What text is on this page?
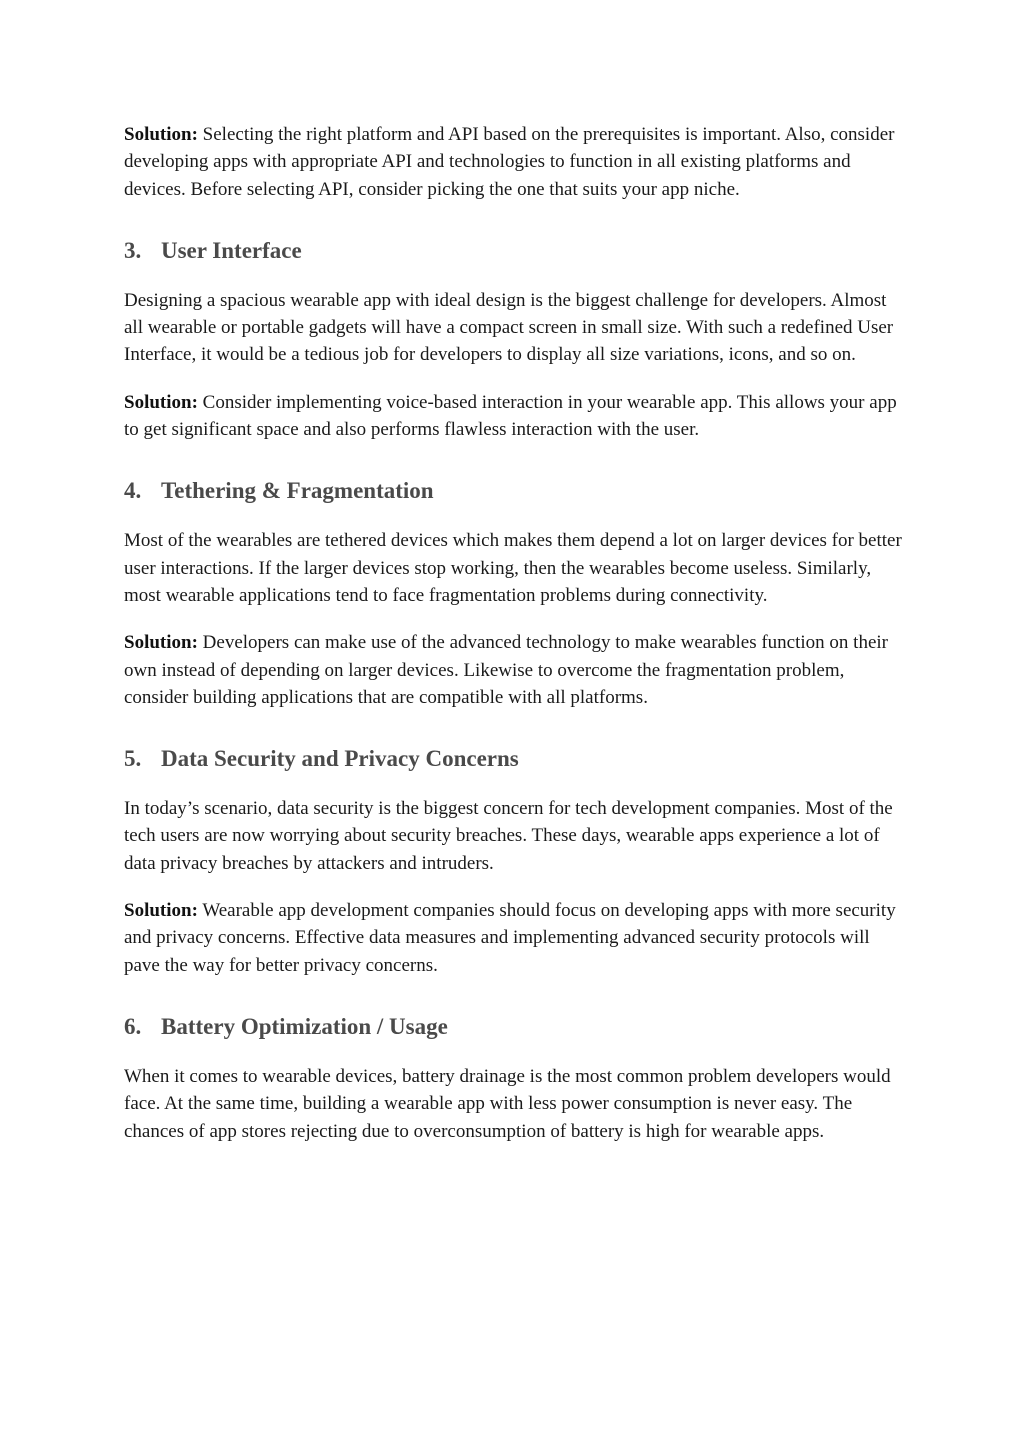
Solution: Selecting the right platform and API based on the prerequisites is important. Also, consider developing apps with appropriate API and technologies to function in all existing platforms and devices. Before selecting API, consider picking the one that suits your app niche.

3. User Interface

Designing a spacious wearable app with ideal design is the biggest challenge for developers. Almost all wearable or portable gadgets will have a compact screen in small size. With such a redefined User Interface, it would be a tedious job for developers to display all size variations, icons, and so on.

Solution: Consider implementing voice-based interaction in your wearable app. This allows your app to get significant space and also performs flawless interaction with the user.

4. Tethering & Fragmentation

Most of the wearables are tethered devices which makes them depend a lot on larger devices for better user interactions. If the larger devices stop working, then the wearables become useless. Similarly, most wearable applications tend to face fragmentation problems during connectivity.

Solution: Developers can make use of the advanced technology to make wearables function on their own instead of depending on larger devices. Likewise to overcome the fragmentation problem, consider building applications that are compatible with all platforms.

5. Data Security and Privacy Concerns

In today’s scenario, data security is the biggest concern for tech development companies. Most of the tech users are now worrying about security breaches. These days, wearable apps experience a lot of data privacy breaches by attackers and intruders.

Solution: Wearable app development companies should focus on developing apps with more security and privacy concerns. Effective data measures and implementing advanced security protocols will pave the way for better privacy concerns.

6. Battery Optimization / Usage

When it comes to wearable devices, battery drainage is the most common problem developers would face. At the same time, building a wearable app with less power consumption is never easy. The chances of app stores rejecting due to overconsumption of battery is high for wearable apps.
